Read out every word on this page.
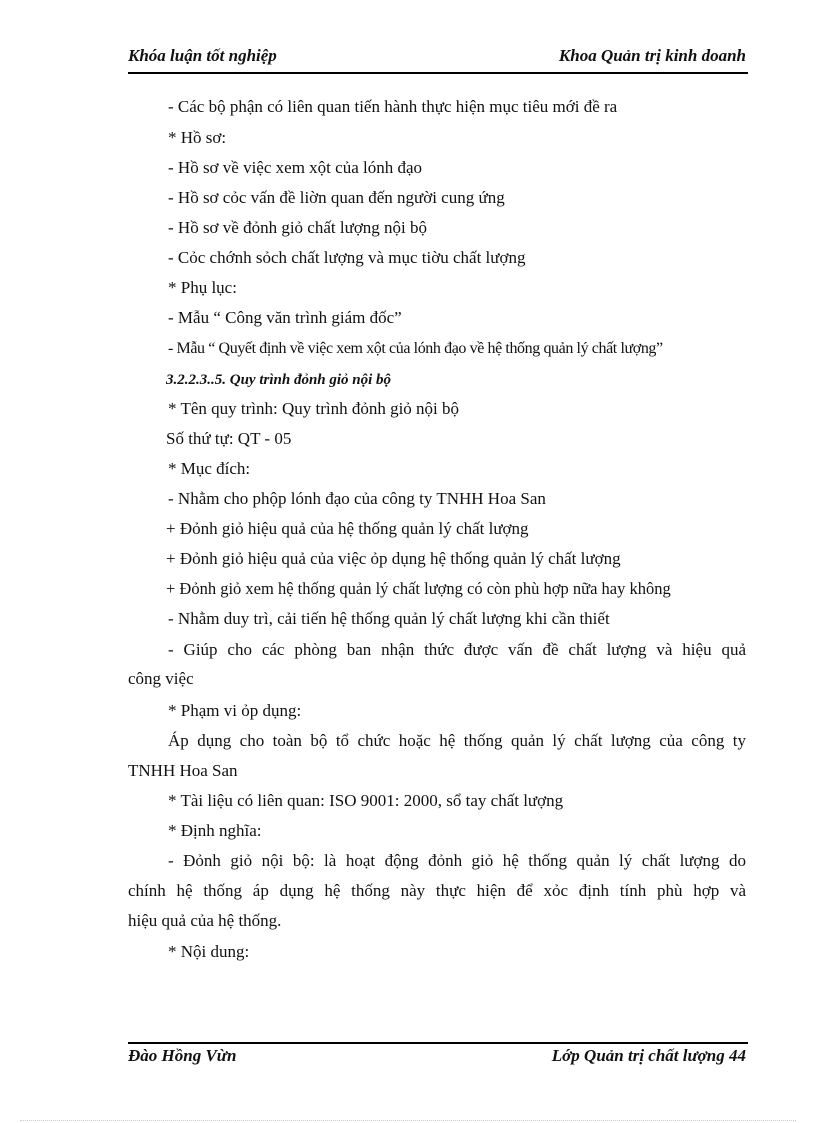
Khóa luận tốt nghiệp	Khoa Quản trị kinh doanh
- Các bộ phận có liên quan tiến hành thực hiện mục tiêu mới đề ra
* Hồ sơ:
- Hồ sơ về việc xem xột của lónh đạo
- Hồ sơ cỏc vấn đề liờn quan đến người cung ứng
- Hồ sơ về đỏnh giỏ chất lượng nội bộ
- Cỏc chớnh sỏch chất lượng và mục tiờu chất lượng
* Phụ lục:
- Mẫu “ Công văn trình giám đốc”
- Mẫu “ Quyết định về việc xem xột của lónh đạo về hệ thống quản lý chất lượng”
3.2.2.3..5. Quy trình đỏnh giỏ nội bộ
* Tên quy trình: Quy trình đỏnh giỏ nội bộ
Số thứ tự: QT - 05
* Mục đích:
- Nhằm cho phộp lónh đạo của công ty TNHH Hoa San
+ Đỏnh giỏ hiệu quả của hệ thống quản lý chất lượng
+ Đỏnh giỏ hiệu quả của việc ỏp dụng hệ thống quản lý chất lượng
+ Đỏnh giỏ xem hệ thống quản lý chất lượng có còn phù hợp nữa hay không
- Nhằm duy trì, cải tiến hệ thống quản lý chất lượng khi cần thiết
- Giúp cho các phòng ban nhận thức được vấn đề chất lượng và hiệu quả
công việc
* Phạm vi ỏp dụng:
Áp dụng cho toàn bộ tổ chức hoặc hệ thống quản lý chất lượng của công ty
TNHH Hoa San
* Tài liệu có liên quan: ISO 9001: 2000, sổ tay chất lượng
* Định nghĩa:
- Đỏnh giỏ nội bộ: là hoạt động đỏnh giỏ hệ thống quản lý chất lượng do
chính hệ thống áp dụng hệ thống này thực hiện để xỏc định tính phù hợp và
hiệu quả của hệ thống.
* Nội dung:
Đào Hồng Vừn	Lớp Quản trị chất lượng 44
